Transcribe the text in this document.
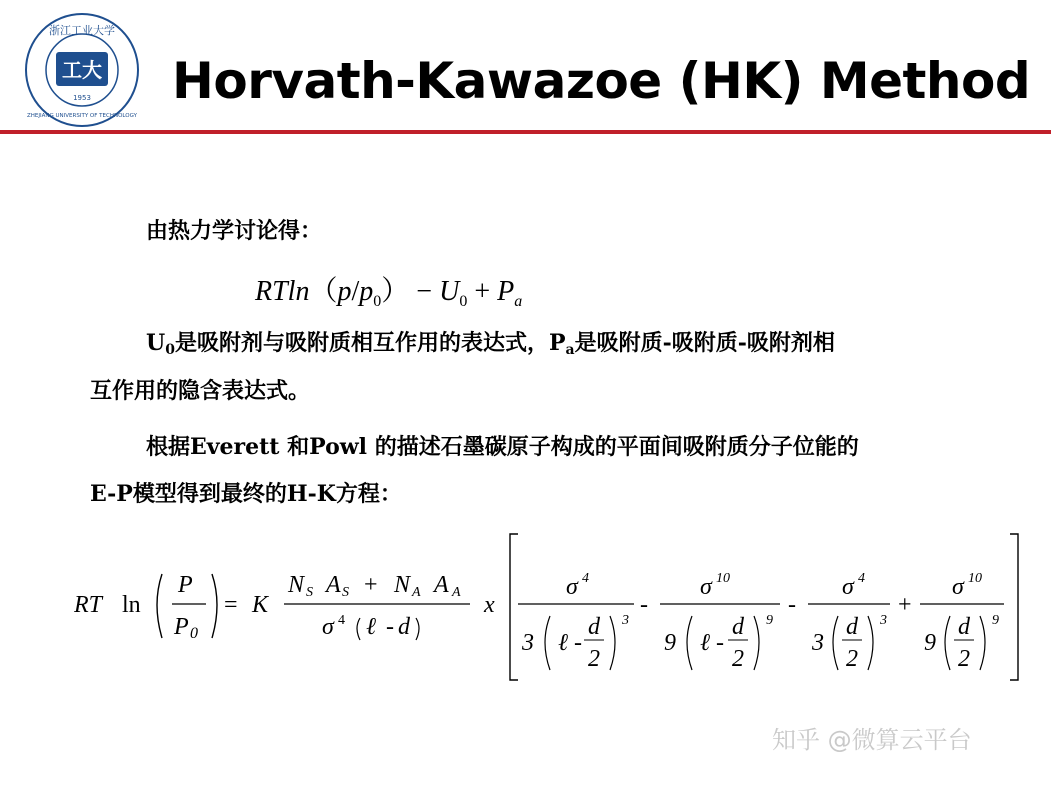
浙江工业大学
ZHEJIANG UNIVERSITY OF TECHNOLOGY
工大
1953 Horvath-Kawazoe (HK) Method
由热力学讨论得：
$RTln(p/p_0) - U_0 + P_a$
$U_0$是吸附剂与吸附质相互作用的表达式，$P_a$是吸附质-吸附质-吸附剂相
互作用的隐含表达式。
根据Everett 和Powl 的描述石墨碳原子构成的平面间吸附质分子位能的
E-P模型得到最终的H-K方程：
RT ln
P
P 0
= K
N S A S + N A A A
σ 4 ℓ - d
x
σ 4
3 ℓ -
d
2
3
-
σ 10
9 ℓ -
d
2
9
-
σ 4
3
d
2
3
+
σ 10
9
d
2
9
知乎 @微算云平台
